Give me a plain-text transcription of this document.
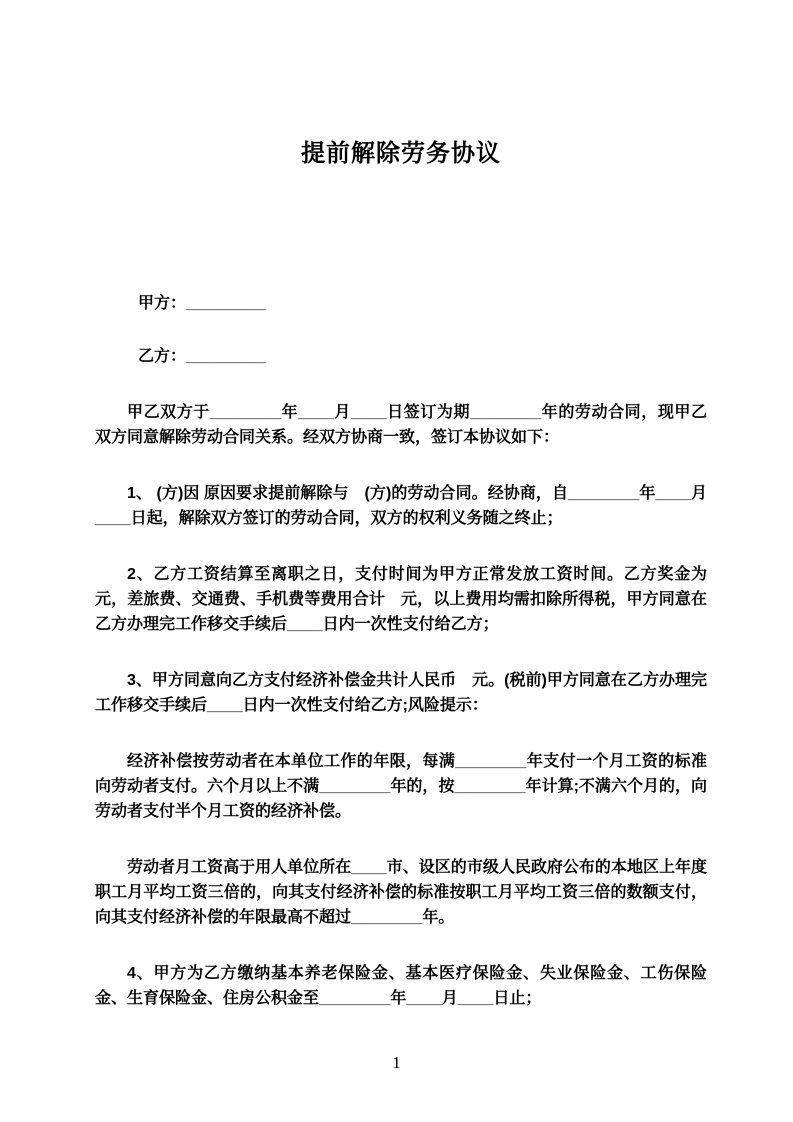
提前解除劳务协议

甲方：_________

乙方：_________

甲乙双方于________年____月____日签订为期________年的劳动合同，现甲乙双方同意解除劳动合同关系。经双方协商一致，签订本协议如下：

1、 (方)因 原因要求提前解除与　(方)的劳动合同。经协商，自________年____月____日起，解除双方签订的劳动合同，双方的权利义务随之终止；

2、乙方工资结算至离职之日，支付时间为甲方正常发放工资时间。乙方奖金为 元，差旅费、交通费、手机费等费用合计　元，以上费用均需扣除所得税，甲方同意在乙方办理完工作移交手续后____日内一次性支付给乙方；

3、甲方同意向乙方支付经济补偿金共计人民币　元。(税前)甲方同意在乙方办理完工作移交手续后____日内一次性支付给乙方;风险提示：

经济补偿按劳动者在本单位工作的年限，每满________年支付一个月工资的标准向劳动者支付。六个月以上不满________年的，按________年计算;不满六个月的，向劳动者支付半个月工资的经济补偿。

劳动者月工资高于用人单位所在____市、设区的市级人民政府公布的本地区上年度职工月平均工资三倍的，向其支付经济补偿的标准按职工月平均工资三倍的数额支付，向其支付经济补偿的年限最高不超过________年。

4、甲方为乙方缴纳基本养老保险金、基本医疗保险金、失业保险金、工伤保险金、生育保险金、住房公积金至________年____月____日止；

1
